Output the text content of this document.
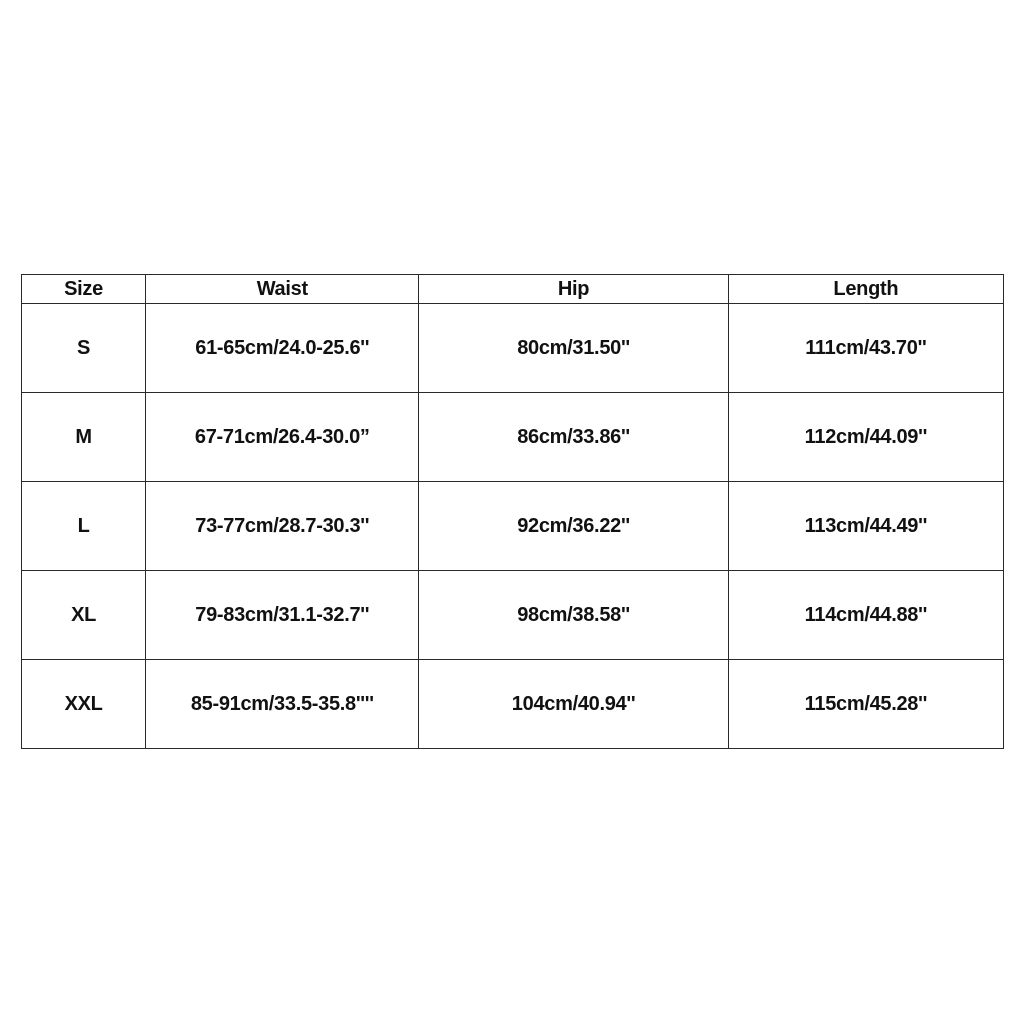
Size	Waist	Hip	Length
S	61-65cm/24.0-25.6''	80cm/31.50''	111cm/43.70''
M	67-71cm/26.4-30.0”	86cm/33.86''	112cm/44.09''
L	73-77cm/28.7-30.3''	92cm/36.22''	113cm/44.49''
XL	79-83cm/31.1-32.7''	98cm/38.58''	114cm/44.88''
XXL	85-91cm/33.5-35.8''''	104cm/40.94''	115cm/45.28''
